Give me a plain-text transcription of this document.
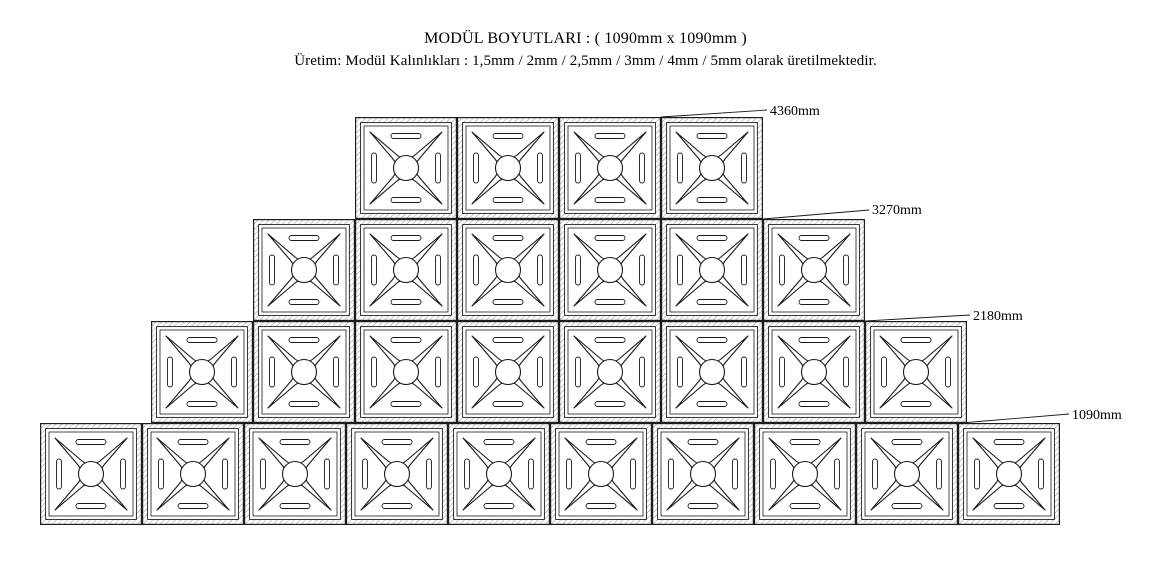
MODÜL BOYUTLARI : ( 1090mm x 1090mm )
Üretim: Modül Kalınlıkları : 1,5mm / 2mm / 2,5mm / 3mm / 4mm / 5mm olarak üretilmektedir.
4360mm
3270mm
2180mm
1090mm
